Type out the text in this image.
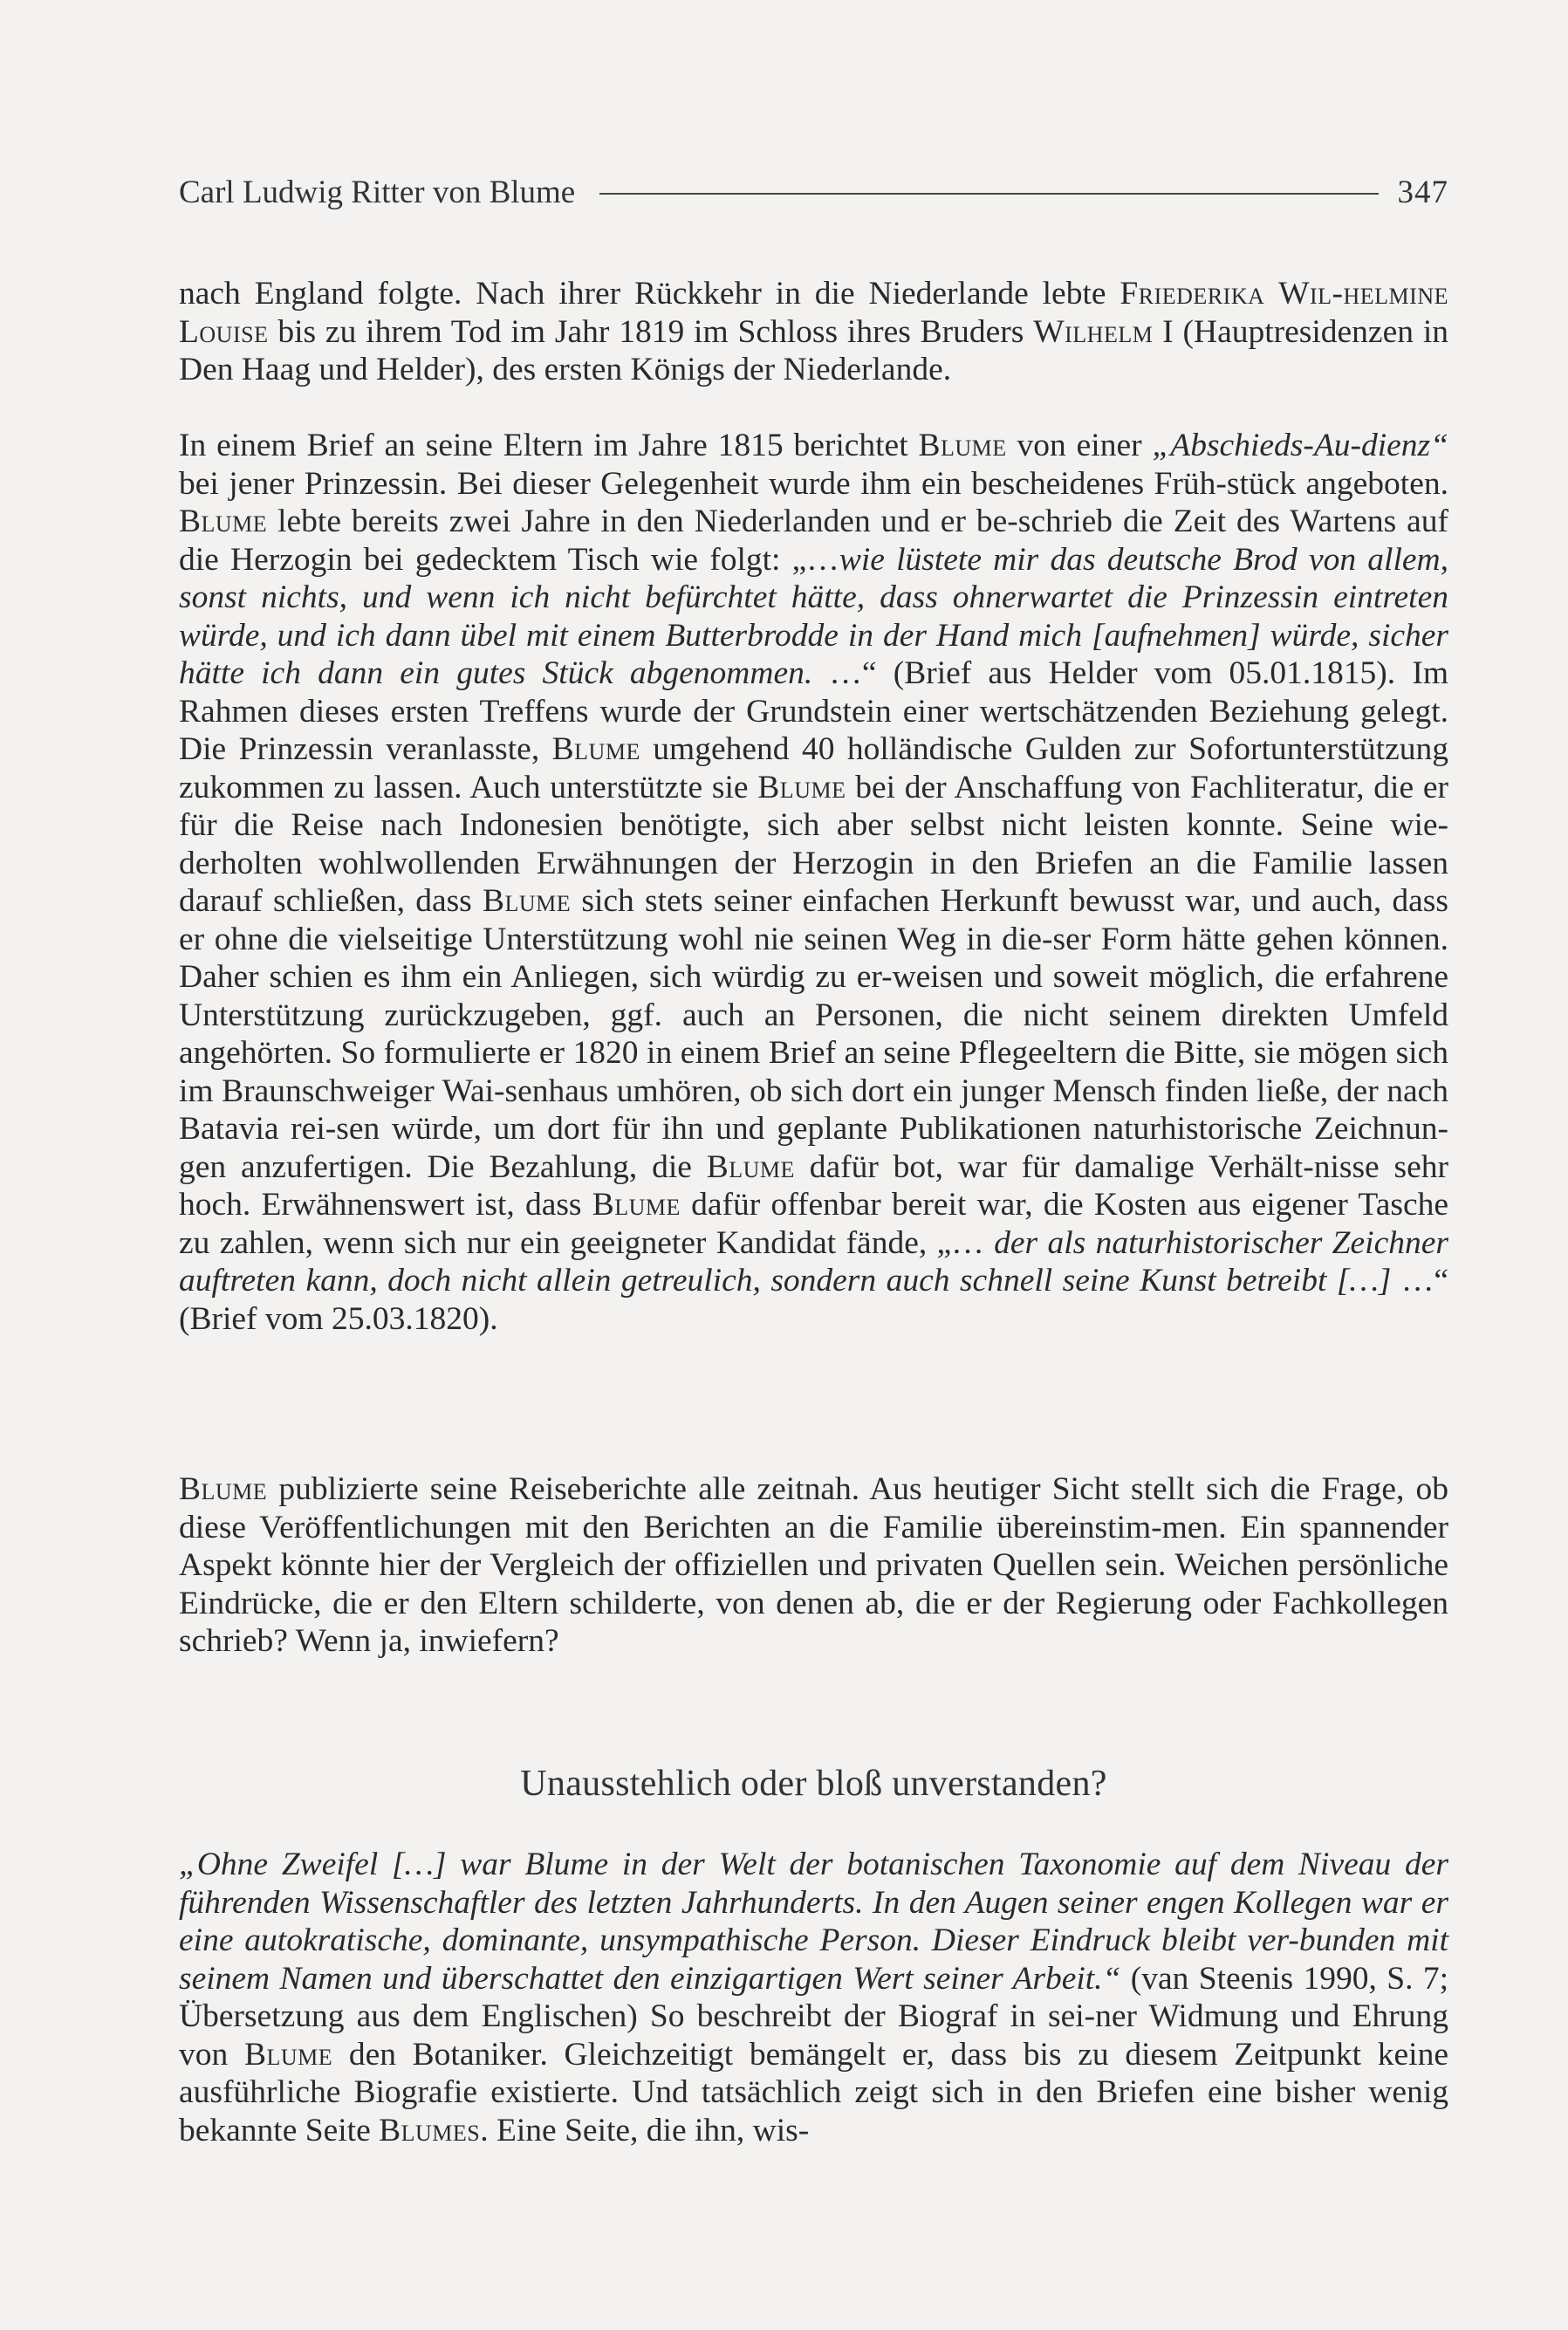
Carl Ludwig Ritter von Blume	347
nach England folgte. Nach ihrer Rückkehr in die Niederlande lebte Friederika Wil-helmine Louise bis zu ihrem Tod im Jahr 1819 im Schloss ihres Bruders Wilhelm I (Hauptresidenzen in Den Haag und Helder), des ersten Königs der Niederlande.
In einem Brief an seine Eltern im Jahre 1815 berichtet Blume von einer „Abschieds-Au-dienz“ bei jener Prinzessin. Bei dieser Gelegenheit wurde ihm ein bescheidenes Früh-stück angeboten. Blume lebte bereits zwei Jahre in den Niederlanden und er be-schrieb die Zeit des Wartens auf die Herzogin bei gedecktem Tisch wie folgt: „…wie lüstete mir das deutsche Brod von allem, sonst nichts, und wenn ich nicht befürchtet hätte, dass ohnerwartet die Prinzessin eintreten würde, und ich dann übel mit einem Butterbrodde in der Hand mich [aufnehmen] würde, sicher hätte ich dann ein gutes Stück abgenommen. …“ (Brief aus Helder vom 05.01.1815). Im Rahmen dieses ersten Treffens wurde der Grundstein einer wertschätzenden Beziehung gelegt. Die Prinzessin veranlasste, Blume umgehend 40 holländische Gulden zur Sofortunterstützung zukommen zu lassen. Auch unterstützte sie Blume bei der Anschaffung von Fachliteratur, die er für die Reise nach Indonesien benötigte, sich aber selbst nicht leisten konnte. Seine wie-derholten wohlwollenden Erwähnungen der Herzogin in den Briefen an die Familie lassen darauf schließen, dass Blume sich stets seiner einfachen Herkunft bewusst war, und auch, dass er ohne die vielseitige Unterstützung wohl nie seinen Weg in die-ser Form hätte gehen können. Daher schien es ihm ein Anliegen, sich würdig zu er-weisen und soweit möglich, die erfahrene Unterstützung zurückzugeben, ggf. auch an Personen, die nicht seinem direkten Umfeld angehörten. So formulierte er 1820 in einem Brief an seine Pflegeeltern die Bitte, sie mögen sich im Braunschweiger Wai-senhaus umhören, ob sich dort ein junger Mensch finden ließe, der nach Batavia rei-sen würde, um dort für ihn und geplante Publikationen naturhistorische Zeichnun-gen anzufertigen. Die Bezahlung, die Blume dafür bot, war für damalige Verhält-nisse sehr hoch. Erwähnenswert ist, dass Blume dafür offenbar bereit war, die Kosten aus eigener Tasche zu zahlen, wenn sich nur ein geeigneter Kandidat fände, „… der als naturhistorischer Zeichner auftreten kann, doch nicht allein getreulich, sondern auch schnell seine Kunst betreibt […] …“ (Brief vom 25.03.1820).
Blume publizierte seine Reiseberichte alle zeitnah. Aus heutiger Sicht stellt sich die Frage, ob diese Veröffentlichungen mit den Berichten an die Familie übereinstim-men. Ein spannender Aspekt könnte hier der Vergleich der offiziellen und privaten Quellen sein. Weichen persönliche Eindrücke, die er den Eltern schilderte, von denen ab, die er der Regierung oder Fachkollegen schrieb? Wenn ja, inwiefern?
Unausstehlich oder bloß unverstanden?
„Ohne Zweifel […] war Blume in der Welt der botanischen Taxonomie auf dem Niveau der führenden Wissenschaftler des letzten Jahrhunderts. In den Augen seiner engen Kollegen war er eine autokratische, dominante, unsympathische Person. Dieser Eindruck bleibt ver-bunden mit seinem Namen und überschattet den einzigartigen Wert seiner Arbeit.“ (van Steenis 1990, S. 7; Übersetzung aus dem Englischen) So beschreibt der Biograf in sei-ner Widmung und Ehrung von Blume den Botaniker. Gleichzeitigt bemängelt er, dass bis zu diesem Zeitpunkt keine ausführliche Biografie existierte. Und tatsächlich zeigt sich in den Briefen eine bisher wenig bekannte Seite Blumes. Eine Seite, die ihn, wis-
